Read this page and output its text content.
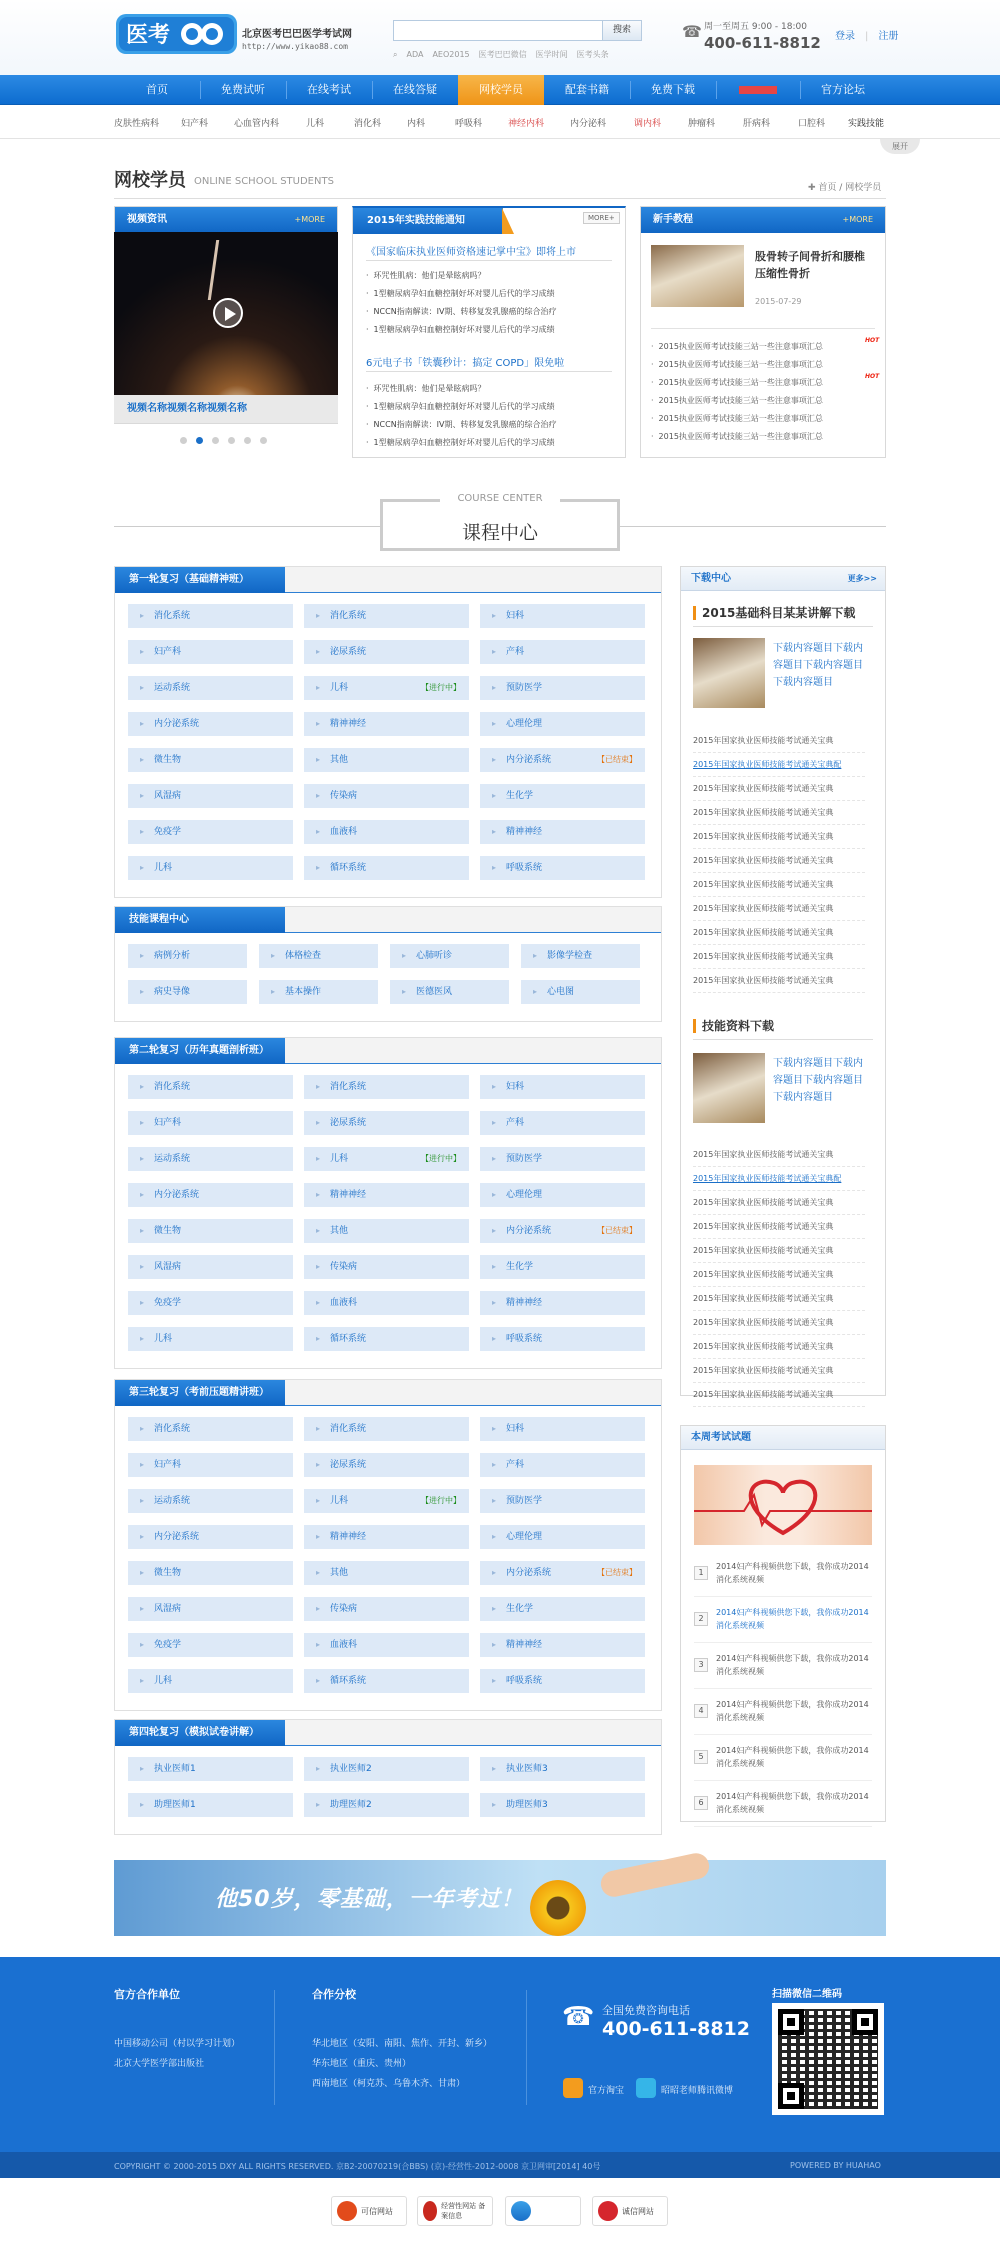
医考	北京医考巴巴医学考试网
http://www.yikao88.com
搜索
⌕ ADA AEO2015 医考巴巴微信 医学时间 医考头条
☎ 周一至周五 9:00 - 18:00
400-611-8812	登录 | 注册
首页	免费试听	在线考试	在线答疑	网校学员	配套书籍	免费下载	官方论坛
皮肤性病科 妇产科	心血管内科	儿科	消化科	内科	呼吸科	神经内科	内分泌科	调内科	肿瘤科	肝病科	口腔科	实践技能
展开
网校学员 ONLINE SCHOOL STUDENTS
✚ 首页 / 网校学员
视频资讯	+MORE
视频名称视频名称视频名称
2015年实践技能通知	MORE+
《国家临床执业医师资格速记掌中宝》即将上市
· 环咒性肌病：他们是晕眩病吗？
· 1型糖尿病孕妇血糖控制好坏对婴儿后代的学习成绩
· NCCN指南解读：IV期、转移复发乳腺癌的综合治疗
· 1型糖尿病孕妇血糖控制好坏对婴儿后代的学习成绩
6元电子书「铁囊秒计：搞定 COPD」限免啦
· 环咒性肌病：他们是晕眩病吗？
· 1型糖尿病孕妇血糖控制好坏对婴儿后代的学习成绩
· NCCN指南解读：IV期、转移复发乳腺癌的综合治疗
· 1型糖尿病孕妇血糖控制好坏对婴儿后代的学习成绩
新手教程	+MORE
股骨转子间骨折和腰椎压缩性骨折
2015-07-29
· 2015执业医师考试技能三站一些注意事项汇总
HOT
· 2015执业医师考试技能三站一些注意事项汇总
· 2015执业医师考试技能三站一些注意事项汇总
HOT
· 2015执业医师考试技能三站一些注意事项汇总
· 2015执业医师考试技能三站一些注意事项汇总
· 2015执业医师考试技能三站一些注意事项汇总
COURSE CENTER
课程中心
下载中心	更多>>
2015基础科目某某讲解下载
下载内容题目下载内容题目下载内容题目下载内容题目
技能资料下载
下载内容题目下载内容题目下载内容题目下载内容题目
本周考试试题
他50岁，零基础，一年考过！
官方合作单位
中国移动公司（村以学习计划）
北京大学医学部出版社
合作分校
华北地区（安阳、南阳、焦作、开封、新乡）
华东地区（重庆、贵州）
西南地区（柯克苏、乌鲁木齐、甘肃）
☎ 全国免费咨询电话
400-611-8812
官方淘宝	昭昭老师腾讯微博
扫描微信二维码
COPYRIGHT © 2000-2015 DXY ALL RIGHTS RESERVED. 京B2-20070219(合BBS) (京)-经营性-2012-0008 京卫网审[2014] 40号	POWERED BY HUAHAO
可信网站
经营性网站 备案信息
诚信网站
第一轮复习（基础精神班）
▸ 消化系统	▸ 消化系统	▸ 妇科
▸ 妇产科	▸ 泌尿系统	▸ 产科
▸ 运动系统	▸ 儿科	【进行中】	▸ 预防医学
▸ 内分泌系统	▸ 精神神经	▸ 心理伦理
▸ 微生物	▸ 其他	▸ 内分泌系统	【已结束】
▸ 风湿病	▸ 传染病	▸ 生化学
▸ 免疫学	▸ 血液科	▸ 精神神经
▸ 儿科	▸ 循环系统	▸ 呼吸系统
技能课程中心
▸ 病例分析	▸ 体格检查	▸ 心肺听诊	▸ 影像学检查
▸ 病史导像	▸ 基本操作	▸ 医德医风	▸ 心电图
第二轮复习（历年真题剖析班）
▸ 消化系统	▸ 消化系统	▸ 妇科
▸ 妇产科	▸ 泌尿系统	▸ 产科
▸ 运动系统	▸ 儿科	【进行中】	▸ 预防医学
▸ 内分泌系统	▸ 精神神经	▸ 心理伦理
▸ 微生物	▸ 其他	▸ 内分泌系统	【已结束】
▸ 风湿病	▸ 传染病	▸ 生化学
▸ 免疫学	▸ 血液科	▸ 精神神经
▸ 儿科	▸ 循环系统	▸ 呼吸系统
第三轮复习（考前压题精讲班）
▸ 消化系统	▸ 消化系统	▸ 妇科
▸ 妇产科	▸ 泌尿系统	▸ 产科
▸ 运动系统	▸ 儿科	【进行中】	▸ 预防医学
▸ 内分泌系统	▸ 精神神经	▸ 心理伦理
▸ 微生物	▸ 其他	▸ 内分泌系统	【已结束】
▸ 风湿病	▸ 传染病	▸ 生化学
▸ 免疫学	▸ 血液科	▸ 精神神经
▸ 儿科	▸ 循环系统	▸ 呼吸系统
第四轮复习（模拟试卷讲解）
▸ 执业医师1	▸ 执业医师2	▸ 执业医师3
▸ 助理医师1	▸ 助理医师2	▸ 助理医师3
2015年国家执业医师技能考试通关宝典
2015年国家执业医师技能考试通关宝典配
2015年国家执业医师技能考试通关宝典
2015年国家执业医师技能考试通关宝典
2015年国家执业医师技能考试通关宝典
2015年国家执业医师技能考试通关宝典
2015年国家执业医师技能考试通关宝典
2015年国家执业医师技能考试通关宝典
2015年国家执业医师技能考试通关宝典
2015年国家执业医师技能考试通关宝典
2015年国家执业医师技能考试通关宝典
2015年国家执业医师技能考试通关宝典
2015年国家执业医师技能考试通关宝典配
2015年国家执业医师技能考试通关宝典
2015年国家执业医师技能考试通关宝典
2015年国家执业医师技能考试通关宝典
2015年国家执业医师技能考试通关宝典
2015年国家执业医师技能考试通关宝典
2015年国家执业医师技能考试通关宝典
2015年国家执业医师技能考试通关宝典
2015年国家执业医师技能考试通关宝典
2015年国家执业医师技能考试通关宝典
1
2014妇产科视频供您下载，我你成功2014消化系统视频
2
2014妇产科视频供您下载，我你成功2014消化系统视频
3
2014妇产科视频供您下载，我你成功2014消化系统视频
4
2014妇产科视频供您下载，我你成功2014消化系统视频
5
2014妇产科视频供您下载，我你成功2014消化系统视频
6
2014妇产科视频供您下载，我你成功2014消化系统视频
